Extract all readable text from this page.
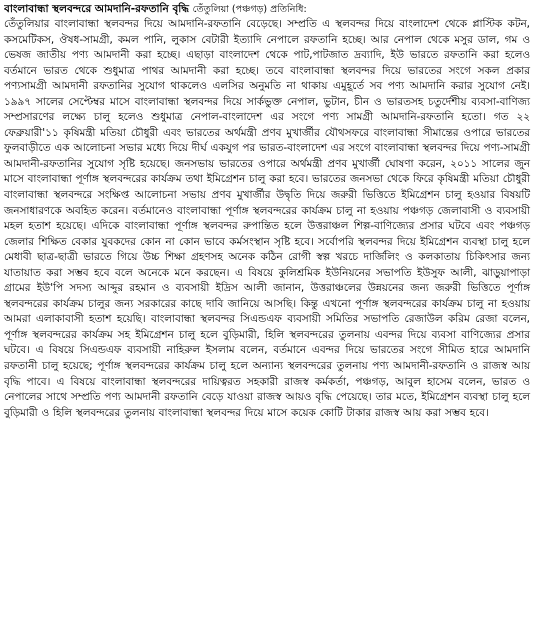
বাংলাবান্ধা স্থলবন্দরে আমদানি-রফতানি বৃদ্ধি তেঁতুলিয়া (পঞ্চগড়) প্রতিনিধি:

তেঁতুলিয়ার বাংলাবান্ধা স্থলবন্দর দিয়ে আমদানি-রফতানি বেড়েছে। সম্প্রতি এ স্থলবন্দর দিয়ে বাংলাদেশ থেকে প্লাস্টিক কটন, কসমেটিকস, ঔষধ-সামগ্রী, কমল পানি, লুকাস বেটারী ইত্যাদি নেপালে রফতানি হচ্ছে। আর নেপাল থেকে মসুর ডাল, গম ও ভেষজ জাতীয় পণ্য আমদানী করা হচ্ছে। এছাড়া বাংলাদেশ থেকে পাট,পাটজাত দ্রব্যাদি, ইউ ভারতে রফতানি করা হলেও বর্তমানে ভারত থেকে শুধুমাত্র পাথর আমদানী করা হচ্ছে। তবে বাংলাবান্ধা স্থলবন্দর দিয়ে ভারতের সংগে সকল প্রকার পণ্যসামগ্রী আমদানী রফতানির সুযোগ থাকলেও এলসির অনুমতি না থাকায় এমুহূর্তে সব পণ্য আমদানি করার সুযোগ নেই। ১৯৯৭ সালের সেপ্টেম্বর মাসে বাংলাবান্ধা স্থলবন্দর দিয়ে সার্কভুক্ত নেপাল, ভুটান, চীন ও ভারতসহ চতুর্দেশীয় ব্যবসা-বাণিজ্য সম্প্রসারণের লক্ষ্যে চালু হলেও শুধুমাত্র নেপাল-বাংলাদেশ এর সংগে পণ্য সামগ্রী আমদানি-রফতানি হতো। গত ২২ ফেব্রুয়ারী'১১ কৃষিমন্ত্রী মতিয়া চৌধুরী এবং ভারতের অর্থমন্ত্রী প্রণব মুখার্জীর যৌথসফরে বাংলাবান্ধা সীমান্তের ওপারে ভারতের ফুলবাড়ীতে এক আলোচনা সভার মধ্যে দিয়ে দীর্ঘ একযুগ পর ভারত-বাংলাদেশ এর সংগে বাংলাবান্ধা স্থলবন্দর দিয়ে পণ্য-সামগ্রী আমদানী-রফতানির সুযোগ সৃষ্টি হয়েছে। জনসভায় ভারতের ওপারে অর্থমন্ত্রী প্রণব মুখার্জী ঘোষণা করেন, ২০১১ সালের জুন মাসে বাংলাবান্ধা পূর্ণাঙ্গ স্থলবন্দরের কার্যক্রম তথা ইমিগ্রেশন চালু করা হবে। ভারতের জনসভা থেকে ফিরে কৃষিমন্ত্রী মতিয়া চৌধুরী বাংলাবান্ধা স্থলবন্দরে সংক্ষিপ্ত আলোচনা সভায় প্রণব মুখার্জীর উদ্বৃতি দিয়ে জরুরী ভিত্তিতে ইমিগ্রেশন চালু হওয়ার বিষয়টি জনসাধারণকে অবহিত করেন। বর্তমানেও বাংলাবান্ধা পূর্ণাঙ্গ স্থলবন্দরের কার্যক্রম চালু না হওয়ায় পঞ্চগড় জেলাবাসী ও ব্যবসায়ী মহল হতাশ হয়েছে। এদিকে বাংলাবান্ধা পূর্ণাঙ্গ স্থলবন্দর রুপান্তিত হলে উত্তরাঞ্চল শিল্প-বাণিজ্যের প্রসার ঘটবে এবং পঞ্চগড় জেলার শিক্ষিত বেকার যুবকদের কোন না কোন ভাবে কর্মসংস্থান সৃষ্টি হবে। সর্বোপরি স্থলবন্দর দিয়ে ইমিগ্রেশন ব্যবস্থা চালু হলে মেধাবী ছাত্র-ছাত্রী ভারতে গিয়ে উচ্চ শিক্ষা গ্রহণসহ অনেক কঠিন রোগী স্বল্প খরচে দার্জিলিং ও কলকাতায় চিকিৎসার জন্য যাতায়াত করা সম্ভব হবে বলে অনেকে মনে করছেন। এ বিষয়ে কুলিশ্রমিক ইউনিয়নের সভাপতি ইউসুফ আলী, ঝাড়ুয়াপাড়া গ্রামের ইউ'পি সদস্য আব্দুর রহমান ও ব্যবসায়ী ইদ্রিস আলী জানান, উত্তরাঞ্চলের উন্নয়নের জন্য জরুরী ভিত্তিতে পূর্ণাঙ্গ স্থলবন্দরের কার্যক্রম চালুর জন্য সরকারের কাছে দাবি জানিয়ে আসছি। কিন্তু এখনো পূর্ণাঙ্গ স্থলবন্দরের কার্যক্রম চালু না হওয়ায় আমরা এলাকাবাসী হতাশ হয়েছি। বাংলাবান্ধা স্থলবন্দর সিএন্ডএফ ব্যবসায়ী সমিতির সভাপতি রেজাউল করিম রেজা বলেন, পূর্ণাঙ্গ স্থলবন্দরের কার্যক্রম সহ ইমিগ্রেশন চালু হলে বুড়িমারী, হিলি স্থলবন্দরের তুলনায় এবন্দর দিয়ে ব্যবসা বাণিজ্যের প্রসার ঘটবে। এ বিষয়ে সিএন্ডএফ ব্যবসায়ী নাহিরুল ইসলাম বলেন, বর্তমানে এবন্দর দিয়ে ভারতের সংগে সীমিত হারে আমদানি রফতানী চালু হয়েছে; পূর্ণাঙ্গ স্থলবন্দরের কার্যক্রম চালু হলে অন্যান্য স্থলবন্দরের তুলনায় পণ্য আমদানী-রফতানি ও রাজস্ব আয় বৃদ্ধি পাবে। এ বিষয়ে বাংলাবান্ধা স্থলবন্দরের দায়িত্বরত সহকারী রাজস্ব কর্মকর্তা, পঞ্চগড়, আবুল হাসেম বলেন, ভারত ও নেপালের সাথে সম্প্রতি পণ্য আমদানী রফতানি বেড়ে যাওয়া রাজস্ব আয়ও বৃদ্ধি পেয়েছে। তার মতে, ইমিগ্রেশন ব্যবস্থা চালু হলে বুড়িমারী ও হিলি স্থলবন্দরের তুলনায় বাংলাবান্ধা স্থলবন্দর দিয়ে মাসে কয়েক কোটি টাকার রাজস্ব আয় করা সম্ভব হবে।
